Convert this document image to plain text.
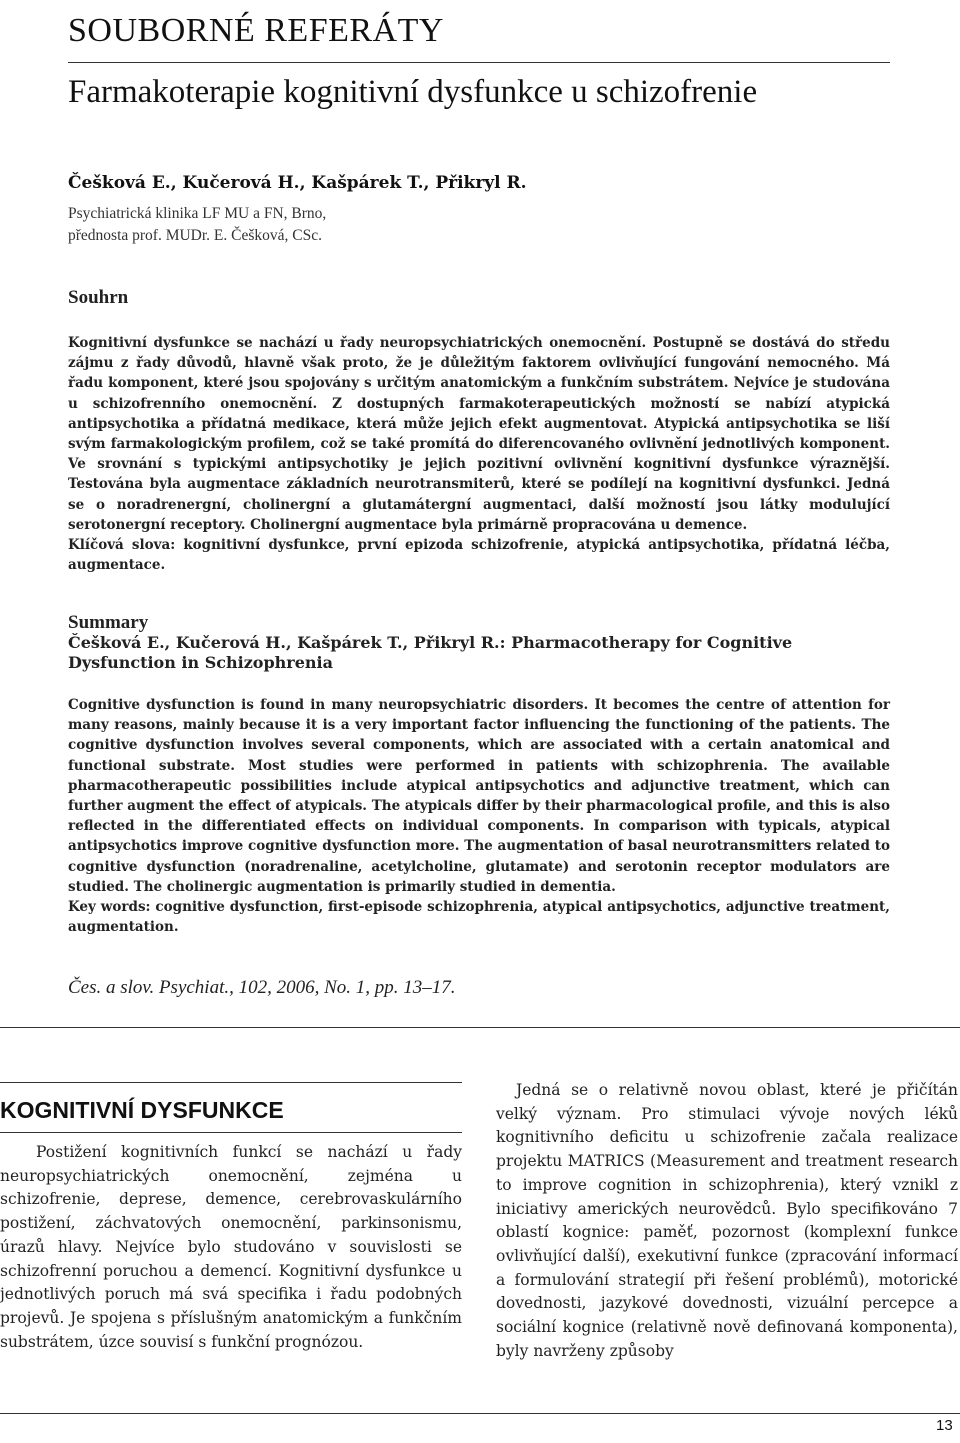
SOUBORNÉ REFERÁTY
Farmakoterapie kognitivní dysfunkce u schizofrenie
Češková E., Kučerová H., Kašpárek T., Přikryl R.
Psychiatrická klinika LF MU a FN, Brno,
přednosta prof. MUDr. E. Češková, CSc.
Souhrn

Kognitivní dysfunkce se nachází u řady neuropsychiatrických onemocnění. Postupně se dostává do středu zájmu z řady důvodů, hlavně však proto, že je důležitým faktorem ovlivňující fungování nemocného. Má řadu komponent, které jsou spojovány s určitým anatomickým a funkčním substrátem. Nejvíce je studována u schizofrenního onemocnění. Z dostupných farmakoterapeutických možností se nabízí atypická antipsychotika a přídatná medikace, která může jejich efekt augmentovat. Atypická antipsychotika se liší svým farmakologickým profilem, což se také promítá do diferencovaného ovlivnění jednotlivých komponent. Ve srovnání s typickými antipsychotiky je jejich pozitivní ovlivnění kognitivní dysfunkce výraznější. Testována byla augmentace základních neurotransmiterů, které se podílejí na kognitivní dysfunkci. Jedná se o noradrenergní, cholinergní a glutamátergní augmentaci, další možností jsou látky modulující serotonergní receptory. Cholinergní augmentace byla primárně propracována u demence.

Klíčová slova: kognitivní dysfunkce, první epizoda schizofrenie, atypická antipsychotika, přídatná léčba, augmentace.

Summary
Češková E., Kučerová H., Kašpárek T., Přikryl R.: Pharmacotherapy for Cognitive Dysfunction in Schizophrenia

Cognitive dysfunction is found in many neuropsychiatric disorders. It becomes the centre of attention for many reasons, mainly because it is a very important factor influencing the functioning of the patients. The cognitive dysfunction involves several components, which are associated with a certain anatomical and functional substrate. Most studies were performed in patients with schizophrenia. The available pharmacotherapeutic possibilities include atypical antipsychotics and adjunctive treatment, which can further augment the effect of atypicals. The atypicals differ by their pharmacological profile, and this is also reflected in the differentiated effects on individual components. In comparison with typicals, atypical antipsychotics improve cognitive dysfunction more. The augmentation of basal neurotransmitters related to cognitive dysfunction (noradrenaline, acetylcholine, glutamate) and serotonin receptor modulators are studied. The cholinergic augmentation is primarily studied in dementia.

Key words: cognitive dysfunction, first-episode schizophrenia, atypical antipsychotics, adjunctive treatment, augmentation.

Čes. a slov. Psychiat., 102, 2006, No. 1, pp. 13–17.
KOGNITIVNÍ DYSFUNKCE

Postižení kognitivních funkcí se nachází u řady neuropsychiatrických onemocnění, zejména u schizofrenie, deprese, demence, cerebrovaskulárního postižení, záchvatových onemocnění, parkinsonismu, úrazů hlavy. Nejvíce bylo studováno v souvislosti se schizofrenní poruchou a demencí. Kognitivní dysfunkce u jednotlivých poruch má svá specifika i řadu podobných projevů. Je spojena s příslušným anatomickým a funkčním substrátem, úzce souvisí s funkční prognózou.

Jedná se o relativně novou oblast, které je přičítán velký význam. Pro stimulaci vývoje nových léků kognitivního deficitu u schizofrenie začala realizace projektu MATRICS (Measurement and treatment research to improve cognition in schizophrenia), který vznikl z iniciativy amerických neurovědců. Bylo specifikováno 7 oblastí kognice: paměť, pozornost (komplexní funkce ovlivňující další), exekutivní funkce (zpracování informací a formulování strategií při řešení problémů), motorické dovednosti, jazykové dovednosti, vizuální percepce a sociální kognice (relativně nově definovaná komponenta), byly navrženy způsoby

13
